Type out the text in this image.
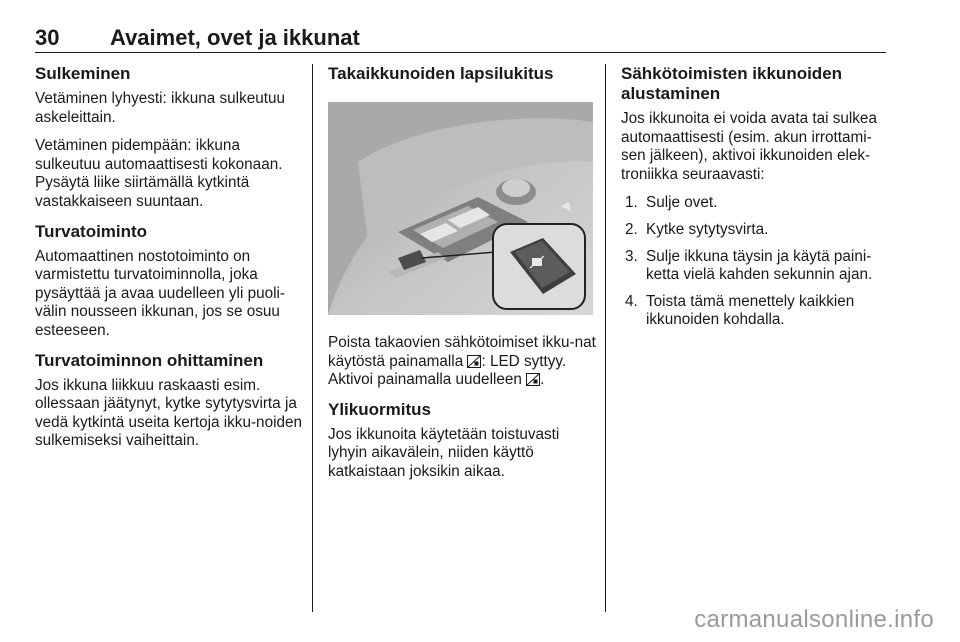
30 Avaimet, ovet ja ikkunat
Sulkeminen

Vetäminen lyhyesti: ikkuna sulkeutuu askeleittain.

Vetäminen pidempään: ikkuna sulkeutuu automaattisesti kokonaan. Pysäytä liike siirtämällä kytkintä vastakkaiseen suuntaan.

Turvatoiminto

Automaattinen nostotoiminto on varmistettu turvatoiminnolla, joka pysäyttää ja avaa uudelleen yli puoli-välin nousseen ikkunan, jos se osuu esteeseen.

Turvatoiminnon ohittaminen

Jos ikkuna liikkuu raskaasti esim. ollessaan jäätynyt, kytke sytytysvirta ja vedä kytkintä useita kertoja ikku-noiden sulkemiseksi vaiheittain.

Takaikkunoiden lapsilukitus

Poista takaovien sähkötoimiset ikku-nat käytöstä painamalla : LED syttyy. Aktivoi painamalla uudelleen .

Ylikuormitus

Jos ikkunoita käytetään toistuvasti lyhyin aikavälein, niiden käyttö katkaistaan joksikin aikaa.

Sähkötoimisten ikkunoiden alustaminen

Jos ikkunoita ei voida avata tai sulkea automaattisesti (esim. akun irrottami-sen jälkeen), aktivoi ikkunoiden elek-troniikka seuraavasti:

1. Sulje ovet.
2. Kytke sytytysvirta.
3. Sulje ikkuna täysin ja käytä paini-ketta vielä kahden sekunnin ajan.
4. Toista tämä menettely kaikkien ikkunoiden kohdalla.
carmanualsonline.info
